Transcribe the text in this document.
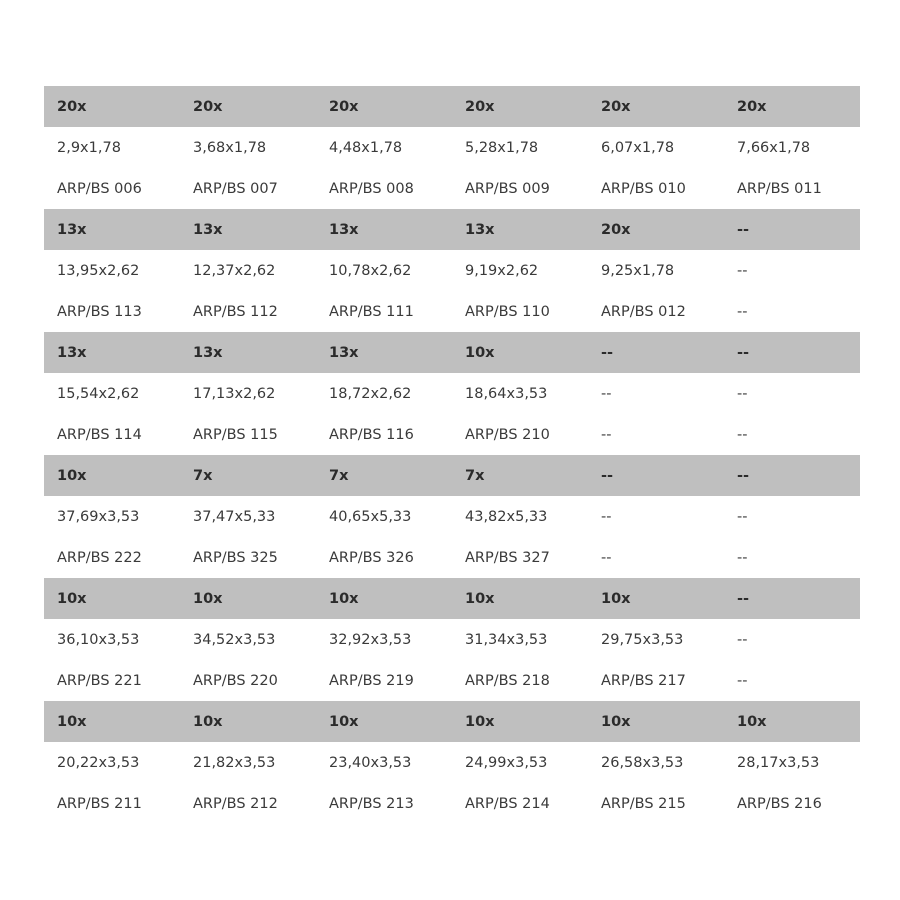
20x	20x	20x	20x	20x	20x
2,9x1,78	3,68x1,78	4,48x1,78	5,28x1,78	6,07x1,78	7,66x1,78
ARP/BS 006	ARP/BS 007	ARP/BS 008	ARP/BS 009	ARP/BS 010	ARP/BS 011
13x	13x	13x	13x	20x	--
13,95x2,62	12,37x2,62	10,78x2,62	9,19x2,62	9,25x1,78	--
ARP/BS 113	ARP/BS 112	ARP/BS 111	ARP/BS 110	ARP/BS 012	--
13x	13x	13x	10x	--	--
15,54x2,62	17,13x2,62	18,72x2,62	18,64x3,53	--	--
ARP/BS 114	ARP/BS 115	ARP/BS 116	ARP/BS 210	--	--
10x	7x	7x	7x	--	--
37,69x3,53	37,47x5,33	40,65x5,33	43,82x5,33	--	--
ARP/BS 222	ARP/BS 325	ARP/BS 326	ARP/BS 327	--	--
10x	10x	10x	10x	10x	--
36,10x3,53	34,52x3,53	32,92x3,53	31,34x3,53	29,75x3,53	--
ARP/BS 221	ARP/BS 220	ARP/BS 219	ARP/BS 218	ARP/BS 217	--
10x	10x	10x	10x	10x	10x
20,22x3,53	21,82x3,53	23,40x3,53	24,99x3,53	26,58x3,53	28,17x3,53
ARP/BS 211	ARP/BS 212	ARP/BS 213	ARP/BS 214	ARP/BS 215	ARP/BS 216
